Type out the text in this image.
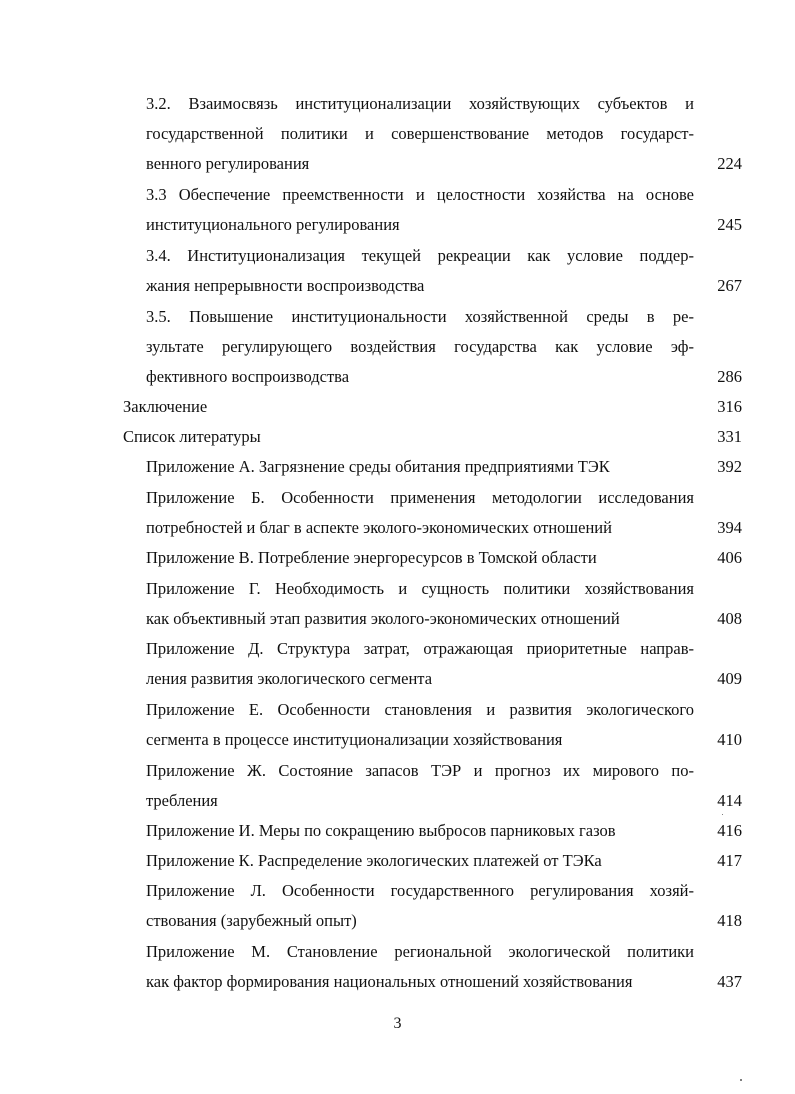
3.2. Взаимосвязь институционализации хозяйствующих субъектов и
государственной политики и совершенствование методов государст-
венного регулирования	224
3.3 Обеспечение преемственности и целостности хозяйства на основе
институционального регулирования	245
3.4. Институционализация текущей рекреации как условие поддер-
жания непрерывности воспроизводства	267
3.5. Повышение институциональности хозяйственной среды в ре-
зультате регулирующего воздействия государства как условие эф-
фективного воспроизводства	286
Заключение	316
Список литературы	331
Приложение А. Загрязнение среды обитания предприятиями ТЭК	392
Приложение Б. Особенности применения методологии исследования
потребностей и благ в аспекте эколого-экономических отношений	394
Приложение В. Потребление энергоресурсов в Томской области	406
Приложение Г. Необходимость и сущность политики хозяйствования
как объективный этап развития эколого-экономических отношений	408
Приложение Д. Структура затрат, отражающая приоритетные направ-
ления развития экологического сегмента	409
Приложение Е. Особенности становления и развития экологического
сегмента в процессе институционализации хозяйствования	410
Приложение Ж. Состояние запасов ТЭР и прогноз их мирового по-
требления	414
Приложение И. Меры по сокращению выбросов парниковых газов	416
Приложение К. Распределение экологических платежей от ТЭКа	417
Приложение Л. Особенности государственного регулирования хозяй-
ствования (зарубежный опыт)	418
Приложение М. Становление региональной экологической политики
как фактор формирования национальных отношений хозяйствования	437
3
